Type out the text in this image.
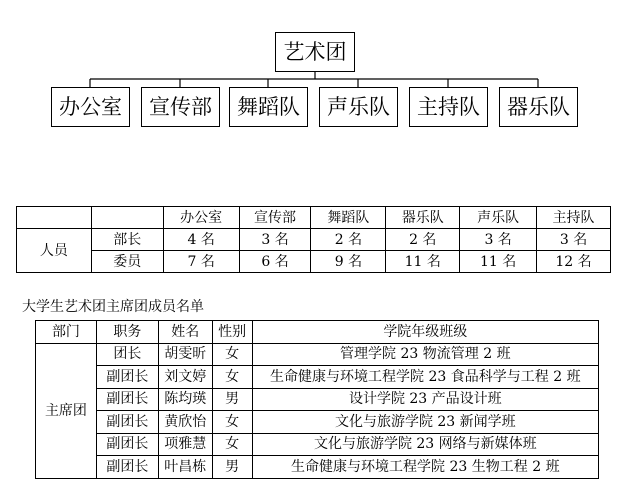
艺术团
办公室	宣传部	舞蹈队	声乐队	主持队	器乐队
		办公室	宣传部	舞蹈队	器乐队	声乐队	主持队
人员	部长	4 名	3 名	2 名	2 名	3 名	3 名
	委员	7 名	6 名	9 名	11 名	11 名	12 名
大学生艺术团主席团成员名单
部门	职务	姓名	性别	学院年级班级
主席团	团长	胡雯昕	女	管理学院 23 物流管理 2 班
	副团长	刘文婷	女	生命健康与环境工程学院 23 食品科学与工程 2 班
	副团长	陈均瑛	男	设计学院 23 产品设计班
	副团长	黄欣怡	女	文化与旅游学院 23 新闻学班
	副团长	项雅慧	女	文化与旅游学院 23 网络与新媒体班
	副团长	叶昌栋	男	生命健康与环境工程学院 23 生物工程 2 班
